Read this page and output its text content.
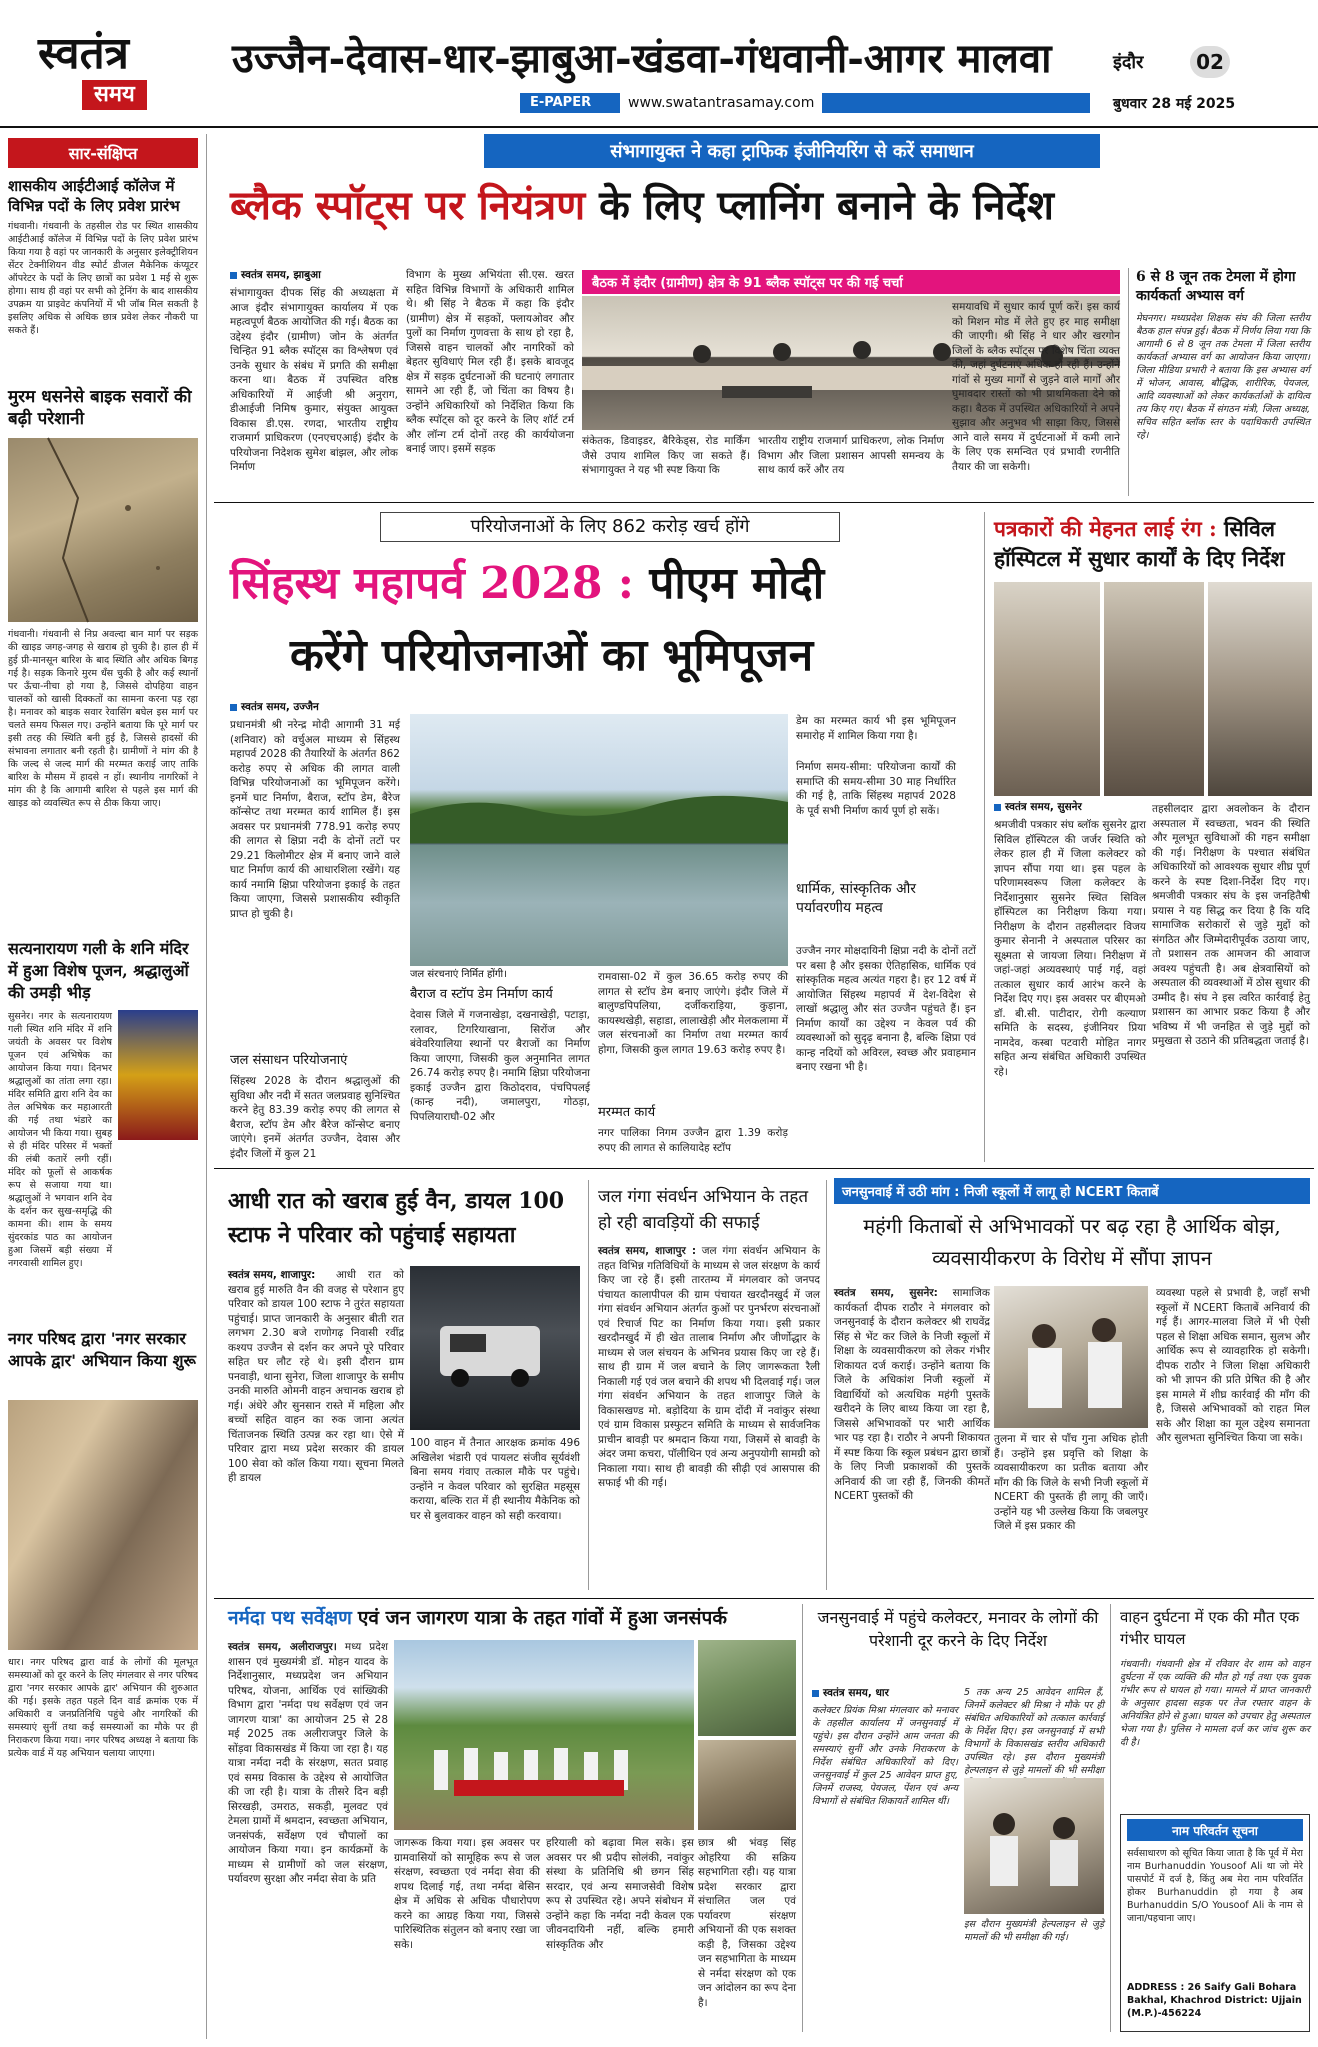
स्वतंत्र
समय
उज्जैन-देवास-धार-झाबुआ-खंडवा-गंधवानी-आगर मालवा
E-PAPER	www.swatantrasamay.com
इंदौर	02
बुधवार 28 मई 2025
सार-संक्षिप्त
शासकीय आईटीआई कॉलेज में विभिन्न पदों के लिए प्रवेश प्रारंभ
गंधवानी। गंधवानी के तहसील रोड पर स्थित शासकीय आईटीआई कॉलेज में विभिन्न पदों के लिए प्रवेश प्रारंभ किया गया है वहां पर जानकारी के अनुसार इलेक्ट्रीशियन सेंटर टेक्नीशियन वीड स्पोर्ट डीजल मैकेनिक कंप्यूटर ऑपरेटर के पदों के लिए छात्रों का प्रवेश 1 मई से शुरू होगा। साथ ही वहां पर सभी को ट्रेनिंग के बाद शासकीय उपक्रम या प्राइवेट कंपनियों में भी जॉब मिल सकती है इसलिए अधिक से अधिक छात्र प्रवेश लेकर नौकरी पा सकते हैं।
मुरम धसनेसे बाइक सवारों की बढ़ी परेशानी
गंधवानी। गंधवानी से निप्र अवल्दा बान मार्ग पर सड़क की खाइड जगह-जगह से खराब हो चुकी है। हाल ही में हुई प्री-मानसून बारिश के बाद स्थिति और अधिक बिगड़ गई है। सड़क किनारे मुरम धँस चुकी है और कई स्थानों पर ऊँचा-नीचा हो गया है, जिससे दोपहिया वाहन चालकों को खासी दिक्कतों का सामना करना पड़ रहा है। मनावर को बाइक सवार रेवासिंग बघेल इस मार्ग पर चलते समय फिसल गए। उन्होंने बताया कि पूरे मार्ग पर इसी तरह की स्थिति बनी हुई है, जिससे हादसों की संभावना लगातार बनी रहती है। ग्रामीणों ने मांग की है कि जल्द से जल्द मार्ग की मरम्मत कराई जाए ताकि बारिश के मौसम में हादसे न हों। स्थानीय नागरिकों ने मांग की है कि आगामी बारिश से पहले इस मार्ग की खाइड को व्यवस्थित रूप से ठीक किया जाए।
सत्यनारायण गली के शनि मंदिर में हुआ विशेष पूजन, श्रद्धालुओं की उमड़ी भीड़
सुसनेर। नगर के सत्यनारायण गली स्थित शनि मंदिर में शनि जयंती के अवसर पर विशेष पूजन एवं अभिषेक का आयोजन किया गया। दिनभर श्रद्धालुओं का तांता लगा रहा। मंदिर समिति द्वारा शनि देव का तेल अभिषेक कर महाआरती की गई तथा भंडारे का आयोजन भी किया गया। सुबह से ही मंदिर परिसर में भक्तों की लंबी कतारें लगी रहीं। मंदिर को फूलों से आकर्षक रूप से सजाया गया था। श्रद्धालुओं ने भगवान शनि देव के दर्शन कर सुख-समृद्धि की कामना की। शाम के समय सुंदरकांड पाठ का आयोजन हुआ जिसमें बड़ी संख्या में नगरवासी शामिल हुए।
नगर परिषद द्वारा 'नगर सरकार आपके द्वार' अभियान किया शुरू
धार। नगर परिषद द्वारा वार्ड के लोगों की मूलभूत समस्याओं को दूर करने के लिए मंगलवार से नगर परिषद द्वारा 'नगर सरकार आपके द्वार' अभियान की शुरुआत की गई। इसके तहत पहले दिन वार्ड क्रमांक एक में अधिकारी व जनप्रतिनिधि पहुंचे और नागरिकों की समस्याएं सुनीं तथा कई समस्याओं का मौके पर ही निराकरण किया गया। नगर परिषद अध्यक्ष ने बताया कि प्रत्येक वार्ड में यह अभियान चलाया जाएगा।
संभागायुक्त ने कहा ट्राफिक इंजीनियरिंग से करें समाधान
ब्लैक स्पॉट्स पर नियंत्रण के लिए प्लानिंग बनाने के निर्देश
स्वतंत्र समय, झाबुआ
संभागायुक्त दीपक सिंह की अध्यक्षता में आज इंदौर संभागायुक्त कार्यालय में एक महत्वपूर्ण बैठक आयोजित की गई। बैठक का उद्देश्य इंदौर (ग्रामीण) जोन के अंतर्गत चिन्हित 91 ब्लैक स्पॉट्स का विश्लेषण एवं उनके सुधार के संबंध में प्रगति की समीक्षा करना था। बैठक में उपस्थित वरिष्ठ अधिकारियों में आईजी श्री अनुराग, डीआईजी निमिष कुमार, संयुक्त आयुक्त विकास डी.एस. रणदा, भारतीय राष्ट्रीय राजमार्ग प्राधिकरण (एनएचएआई) इंदौर के परियोजना निदेशक सुमेश बांझल, और लोक निर्माण
विभाग के मुख्य अभियंता सी.एस. खरत सहित विभिन्न विभागों के अधिकारी शामिल थे। श्री सिंह ने बैठक में कहा कि इंदौर (ग्रामीण) क्षेत्र में सड़कों, फ्लायओवर और पुलों का निर्माण गुणवत्ता के साथ हो रहा है, जिससे वाहन चालकों और नागरिकों को बेहतर सुविधाएं मिल रही हैं। इसके बावजूद क्षेत्र में सड़क दुर्घटनाओं की घटनाएं लगातार सामने आ रही हैं, जो चिंता का विषय है। उन्होंने अधिकारियों को निर्देशित किया कि ब्लैक स्पॉट्स को दूर करने के लिए शॉर्ट टर्म और लॉन्ग टर्म दोनों तरह की कार्ययोजना बनाई जाए। इसमें सड़क
बैठक में इंदौर (ग्रामीण) क्षेत्र के 91 ब्लैक स्पॉट्स पर की गई चर्चा
संकेतक, डिवाइडर, बैरिकेड्स, रोड मार्किंग जैसे उपाय शामिल किए जा सकते हैं। संभागायुक्त ने यह भी स्पष्ट किया कि
भारतीय राष्ट्रीय राजमार्ग प्राधिकरण, लोक निर्माण विभाग और जिला प्रशासन आपसी समन्वय के साथ कार्य करें और तय
समयावधि में सुधार कार्य पूर्ण करें। इस कार्य को मिशन मोड में लेते हुए हर माह समीक्षा की जाएगी। श्री सिंह ने धार और खरगोन जिलों के ब्लैक स्पॉट्स पर विशेष चिंता व्यक्त की, जहां दुर्घटनाएं अधिक हो रही हैं। उन्होंने गांवों से मुख्य मार्गों से जुड़ने वाले मार्गों और घुमावदार रास्तों को भी प्राथमिकता देने को कहा। बैठक में उपस्थित अधिकारियों ने अपने सुझाव और अनुभव भी साझा किए, जिससे आने वाले समय में दुर्घटनाओं में कमी लाने के लिए एक समन्वित एवं प्रभावी रणनीति तैयार की जा सकेगी।
6 से 8 जून तक टेमला में होगा कार्यकर्ता अभ्यास वर्ग
मेघनगर। मध्यप्रदेश शिक्षक संघ की जिला स्तरीय बैठक हाल संपन्न हुई। बैठक में निर्णय लिया गया कि आगामी 6 से 8 जून तक टेमला में जिला स्तरीय कार्यकर्ता अभ्यास वर्ग का आयोजन किया जाएगा। जिला मीडिया प्रभारी ने बताया कि इस अभ्यास वर्ग में भोजन, आवास, बौद्धिक, शारीरिक, पेयजल, आदि व्यवस्थाओं को लेकर कार्यकर्ताओं के दायित्व तय किए गए। बैठक में संगठन मंत्री, जिला अध्यक्ष, सचिव सहित ब्लॉक स्तर के पदाधिकारी उपस्थित रहे।
परियोजनाओं के लिए 862 करोड़ खर्च होंगे
सिंहस्थ महापर्व 2028 : पीएम मोदी
करेंगे परियोजनाओं का भूमिपूजन
स्वतंत्र समय, उज्जैन
प्रधानमंत्री श्री नरेन्द्र मोदी आगामी 31 मई (शनिवार) को वर्चुअल माध्यम से सिंहस्थ महापर्व 2028 की तैयारियों के अंतर्गत 862 करोड़ रुपए से अधिक की लागत वाली विभिन्न परियोजनाओं का भूमिपूजन करेंगे। इनमें घाट निर्माण, बैराज, स्टॉप डेम, बैरेज कॉन्सेप्ट तथा मरम्मत कार्य शामिल हैं। इस अवसर पर प्रधानमंत्री 778.91 करोड़ रुपए की लागत से क्षिप्रा नदी के दोनों तटों पर 29.21 किलोमीटर क्षेत्र में बनाए जाने वाले घाट निर्माण कार्य की आधारशिला रखेंगे। यह कार्य नमामि क्षिप्रा परियोजना इकाई के तहत किया जाएगा, जिससे प्रशासकीय स्वीकृति प्राप्त हो चुकी है।
जल संसाधन परियोजनाएं
सिंहस्थ 2028 के दौरान श्रद्धालुओं की सुविधा और नदी में सतत जलप्रवाह सुनिश्चित करने हेतु 83.39 करोड़ रुपए की लागत से बैराज, स्टॉप डेम और बैरेज कॉन्सेप्ट बनाए जाएंगे। इनमें अंतर्गत उज्जैन, देवास और इंदौर जिलों में कुल 21
जल संरचनाएं निर्मित होंगी।
बैराज व स्टॉप डेम निर्माण कार्य
देवास जिले में गजनाखेड़ा, दखनाखेड़ी, पटाड़ा, रलावर, टिगरियाखाना, सिरोंज और बंवेवरियालिया स्थानों पर बैराजों का निर्माण किया जाएगा, जिसकी कुल अनुमानित लागत 26.74 करोड़ रुपए है। नमामि क्षिप्रा परियोजना इकाई उज्जैन द्वारा किठोदराव, पंचपिपलई (कान्ह नदी), जमालपुरा, गोठड़ा, पिपलियाराघौ-02 और
रामवासा-02 में कुल 36.65 करोड़ रुपए की लागत से स्टॉप डेम बनाए जाएंगे। इंदौर जिले में बालुण्डपिपलिया, दर्जीकराड़िया, कुड़ाना, कायस्थखेड़ी, सहाडा, लालाखेड़ी और मेलकलामा में जल संरचनाओं का निर्माण तथा मरम्मत कार्य होगा, जिसकी कुल लागत 19.63 करोड़ रुपए है।
मरम्मत कार्य
नगर पालिका निगम उज्जैन द्वारा 1.39 करोड़ रुपए की लागत से कालियादेह स्टॉप
डेम का मरम्मत कार्य भी इस भूमिपूजन समारोह में शामिल किया गया है।
निर्माण समय-सीमा: परियोजना कार्यों की समाप्ति की समय-सीमा 30 माह निर्धारित की गई है, ताकि सिंहस्थ महापर्व 2028 के पूर्व सभी निर्माण कार्य पूर्ण हो सकें।
धार्मिक, सांस्कृतिक और पर्यावरणीय महत्व
उज्जैन नगर मोक्षदायिनी क्षिप्रा नदी के दोनों तटों पर बसा है और इसका ऐतिहासिक, धार्मिक एवं सांस्कृतिक महत्व अत्यंत गहरा है। हर 12 वर्ष में आयोजित सिंहस्थ महापर्व में देश-विदेश से लाखों श्रद्धालु और संत उज्जैन पहुंचते हैं। इन निर्माण कार्यों का उद्देश्य न केवल पर्व की व्यवस्थाओं को सुदृढ़ बनाना है, बल्कि क्षिप्रा एवं कान्ह नदियों को अविरल, स्वच्छ और प्रवाहमान बनाए रखना भी है।
पत्रकारों की मेहनत लाई रंग : सिविल हॉस्पिटल में सुधार कार्यों के दिए निर्देश
स्वतंत्र समय, सुसनेर
श्रमजीवी पत्रकार संघ ब्लॉक सुसनेर द्वारा सिविल हॉस्पिटल की जर्जर स्थिति को लेकर हाल ही में जिला कलेक्टर को ज्ञापन सौंपा गया था। इस पहल के परिणामस्वरूप जिला कलेक्टर के निर्देशानुसार सुसनेर स्थित सिविल हॉस्पिटल का निरीक्षण किया गया। निरीक्षण के दौरान तहसीलदार विजय कुमार सेनानी ने अस्पताल परिसर का सूक्ष्मता से जायजा लिया। निरीक्षण में जहां-जहां अव्यवस्थाएं पाई गई, वहां तत्काल सुधार कार्य आरंभ करने के निर्देश दिए गए। इस अवसर पर बीएमओ डॉ. बी.सी. पाटीदार, रोगी कल्याण समिति के सदस्य, इंजीनियर प्रिया नामदेव, कस्बा पटवारी मोहित नागर सहित अन्य संबंधित अधिकारी उपस्थित रहे।
तहसीलदार द्वारा अवलोकन के दौरान अस्पताल में स्वच्छता, भवन की स्थिति और मूलभूत सुविधाओं की गहन समीक्षा की गई। निरीक्षण के पश्चात संबंधित अधिकारियों को आवश्यक सुधार शीघ्र पूर्ण करने के स्पष्ट दिशा-निर्देश दिए गए। श्रमजीवी पत्रकार संघ के इस जनहितैषी प्रयास ने यह सिद्ध कर दिया है कि यदि सामाजिक सरोकारों से जुड़े मुद्दों को संगठित और जिम्मेदारीपूर्वक उठाया जाए, तो प्रशासन तक आमजन की आवाज अवश्य पहुंचती है। अब क्षेत्रवासियों को अस्पताल की व्यवस्थाओं में ठोस सुधार की उम्मीद है। संघ ने इस त्वरित कार्रवाई हेतु प्रशासन का आभार प्रकट किया है और भविष्य में भी जनहित से जुड़े मुद्दों को प्रमुखता से उठाने की प्रतिबद्धता जताई है।
आधी रात को खराब हुई वैन, डायल 100 स्टाफ ने परिवार को पहुंचाई सहायता
स्वतंत्र समय, शाजापुर:	आधी रात को खराब हुई मारुति वैन की वजह से परेशान हुए परिवार को डायल 100 स्टाफ ने तुरंत सहायता पहुंचाई। प्राप्त जानकारी के अनुसार बीती रात लगभग 2.30 बजे राणोगढ़ निवासी रवींद्र कश्यप उज्जैन से दर्शन कर अपने पूरे परिवार सहित घर लौट रहे थे। इसी दौरान ग्राम पनवाड़ी, थाना सुनेरा, जिला शाजापुर के समीप उनकी मारुति ओमनी वाहन अचानक खराब हो गई। अंधेरे और सुनसान रास्ते में महिला और बच्चों सहित वाहन का रुक जाना अत्यंत चिंताजनक स्थिति उत्पन्न कर रहा था। ऐसे में परिवार द्वारा मध्य प्रदेश सरकार की डायल 100 सेवा को कॉल किया गया। सूचना मिलते ही डायल
100 वाहन में तैनात आरक्षक क्रमांक 496 अखिलेश भंडारी एवं पायलट संजीव सूर्यवंशी बिना समय गंवाए तत्काल मौके पर पहुंचे। उन्होंने न केवल परिवार को सुरक्षित महसूस कराया, बल्कि रात में ही स्थानीय मैकेनिक को घर से बुलवाकर वाहन को सही करवाया।
जल गंगा संवर्धन अभियान के तहत हो रही बावड़ियों की सफाई
स्वतंत्र समय, शाजापुर : जल गंगा संवर्धन अभियान के तहत विभिन्न गतिविधियों के माध्यम से जल संरक्षण के कार्य किए जा रहे हैं। इसी तारतम्य में मंगलवार को जनपद पंचायत कालापीपल की ग्राम पंचायत खरदौनखुर्द में जल गंगा संवर्धन अभियान अंतर्गत कुओं पर पुनर्भरण संरचनाओं एवं रिचार्ज पिट का निर्माण किया गया। इसी प्रकार खरदौनखुर्द में ही खेत तालाब निर्माण और जीर्णोद्धार के माध्यम से जल संचयन के अभिनव प्रयास किए जा रहे हैं। साथ ही ग्राम में जल बचाने के लिए जागरूकता रैली निकाली गई एवं जल बचाने की शपथ भी दिलवाई गई। जल गंगा संवर्धन अभियान के तहत शाजापुर जिले के विकासखण्ड मो. बड़ोदिया के ग्राम दोंदी में नवांकुर संस्था एवं ग्राम विकास प्रस्फुटन समिति के माध्यम से सार्वजनिक प्राचीन बावड़ी पर श्रमदान किया गया, जिसमें से बावड़ी के अंदर जमा कचरा, पॉलीथिन एवं अन्य अनुपयोगी सामग्री को निकाला गया। साथ ही बावड़ी की सीढ़ी एवं आसपास की सफाई भी की गई।
जनसुनवाई में उठी मांग : निजी स्कूलों में लागू हो NCERT किताबें
महंगी किताबों से अभिभावकों पर बढ़ रहा है आर्थिक बोझ, व्यवसायीकरण के विरोध में सौंपा ज्ञापन
स्वतंत्र समय, सुसनेर: सामाजिक कार्यकर्ता दीपक राठौर ने मंगलवार को जनसुनवाई के दौरान कलेक्टर श्री राघवेंद्र सिंह से भेंट कर जिले के निजी स्कूलों में शिक्षा के व्यवसायीकरण को लेकर गंभीर शिकायत दर्ज कराई। उन्होंने बताया कि जिले के अधिकांश निजी स्कूलों में विद्यार्थियों को अत्यधिक महंगी पुस्तकें खरीदने के लिए बाध्य किया जा रहा है, जिससे अभिभावकों पर भारी आर्थिक भार पड़ रहा है। राठौर ने अपनी शिकायत में स्पष्ट किया कि स्कूल प्रबंधन द्वारा छात्रों के लिए निजी प्रकाशकों की पुस्तकें अनिवार्य की जा रही हैं, जिनकी कीमतें NCERT पुस्तकों की
तुलना में चार से पाँच गुना अधिक होती हैं। उन्होंने इस प्रवृत्ति को शिक्षा के व्यवसायीकरण का प्रतीक बताया और माँग की कि जिले के सभी निजी स्कूलों में NCERT की पुस्तकें ही लागू की जाएँ। उन्होंने यह भी उल्लेख किया कि जबलपुर जिले में इस प्रकार की
व्यवस्था पहले से प्रभावी है, जहाँ सभी स्कूलों में NCERT किताबें अनिवार्य की गई हैं। आगर-मालवा जिले में भी ऐसी पहल से शिक्षा अधिक समान, सुलभ और आर्थिक रूप से व्यावहारिक हो सकेगी। दीपक राठौर ने जिला शिक्षा अधिकारी को भी ज्ञापन की प्रति प्रेषित की है और इस मामले में शीघ्र कार्रवाई की माँग की है, जिससे अभिभावकों को राहत मिल सके और शिक्षा का मूल उद्देश्य समानता और सुलभता सुनिश्चित किया जा सके।
नर्मदा पथ सर्वेक्षण एवं जन जागरण यात्रा के तहत गांवों में हुआ जनसंपर्क
स्वतंत्र समय, अलीराजपुर। मध्य प्रदेश शासन एवं मुख्यमंत्री डॉ. मोहन यादव के निर्देशानुसार, मध्यप्रदेश जन अभियान परिषद, योजना, आर्थिक एवं सांख्यिकी विभाग द्वारा 'नर्मदा पथ सर्वेक्षण एवं जन जागरण यात्रा' का आयोजन 25 से 28 मई 2025 तक अलीराजपुर जिले के सोंड़वा विकासखंड में किया जा रहा है। यह यात्रा नर्मदा नदी के संरक्षण, सतत प्रवाह एवं समग्र विकास के उद्देश्य से आयोजित की जा रही है। यात्रा के तीसरे दिन बड़ी सिरखड़ी, उमराठ, सकड़ी, मुलवट एवं टेमला ग्रामों में श्रमदान, स्वच्छता अभियान, जनसंपर्क, सर्वेक्षण एवं चौपालों का आयोजन किया गया। इन कार्यक्रमों के माध्यम से ग्रामीणों को जल संरक्षण, पर्यावरण सुरक्षा और नर्मदा सेवा के प्रति
जागरूक किया गया। इस अवसर पर ग्रामवासियों को सामूहिक रूप से जल संरक्षण, स्वच्छता एवं नर्मदा सेवा की शपथ दिलाई गई, तथा नर्मदा बेसिन क्षेत्र में अधिक से अधिक पौधारोपण करने का आग्रह किया गया, जिससे पारिस्थितिक संतुलन को बनाए रखा जा सके।
हरियाली को बढ़ावा मिल सके। इस अवसर पर श्री प्रदीप सोलंकी, नवांकुर संस्था के प्रतिनिधि श्री छगन सिंह सरदार, एवं अन्य समाजसेवी विशेष रूप से उपस्थित रहे। अपने संबोधन में उन्होंने कहा कि नर्मदा नदी केवल एक जीवनदायिनी नहीं, बल्कि हमारी सांस्कृतिक और
छात्र श्री भंवड़ सिंह ओहरिया की सक्रिय सहभागिता रही। यह यात्रा प्रदेश सरकार द्वारा संचालित जल एवं पर्यावरण संरक्षण अभियानों की एक सशक्त कड़ी है, जिसका उद्देश्य जन सहभागिता के माध्यम से नर्मदा संरक्षण को एक जन आंदोलन का रूप देना है।
जनसुनवाई में पहुंचे कलेक्टर, मनावर के लोगों की परेशानी दूर करने के दिए निर्देश
स्वतंत्र समय, धार
कलेक्टर प्रियंक मिश्रा मंगलवार को मनावर के तहसील कार्यालय में जनसुनवाई में पहुंचे। इस दौरान उन्होंने आम जनता की समस्याएं सुनीं और उनके निराकरण के निर्देश संबंधित अधिकारियों को दिए। जनसुनवाई में कुल 25 आवेदन प्राप्त हुए, जिनमें राजस्व, पेयजल, पेंशन एवं अन्य विभागों से संबंधित शिकायतें शामिल थीं।
5 तक अन्य 25 आवेदन शामिल हैं, जिनमें कलेक्टर श्री मिश्रा ने मौके पर ही संबंधित अधिकारियों को तत्काल कार्रवाई के निर्देश दिए। इस जनसुनवाई में सभी विभागों के विकासखंड स्तरीय अधिकारी उपस्थित रहे। इस दौरान मुख्यमंत्री हेल्पलाइन से जुड़े मामलों की भी समीक्षा
इस दौरान मुख्यमंत्री हेल्पलाइन से जुड़े मामलों की भी समीक्षा की गई।
वाहन दुर्घटना में एक की मौत एक गंभीर घायल
गंधवानी। गंधवानी क्षेत्र में रविवार देर शाम को वाहन दुर्घटना में एक व्यक्ति की मौत हो गई तथा एक युवक गंभीर रूप से घायल हो गया। मामले में प्राप्त जानकारी के अनुसार हादसा सड़क पर तेज रफ्तार वाहन के अनियंत्रित होने से हुआ। घायल को उपचार हेतु अस्पताल भेजा गया है। पुलिस ने मामला दर्ज कर जांच शुरू कर दी है।
नाम परिवर्तन सूचना
सर्वसाधारण को सूचित किया जाता है कि पूर्व में मेरा नाम Burhanuddin Yousoof Ali था जो मेरे पासपोर्ट में दर्ज है, किंतु अब मेरा नाम परिवर्तित होकर Burhanuddin हो गया है अब Burhanuddin S/O Yousoof Ali के नाम से जाना/पहचाना जाए।
ADDRESS : 26 Saify Gali Bohara Bakhal, Khachrod District: Ujjain (M.P.)-456224
